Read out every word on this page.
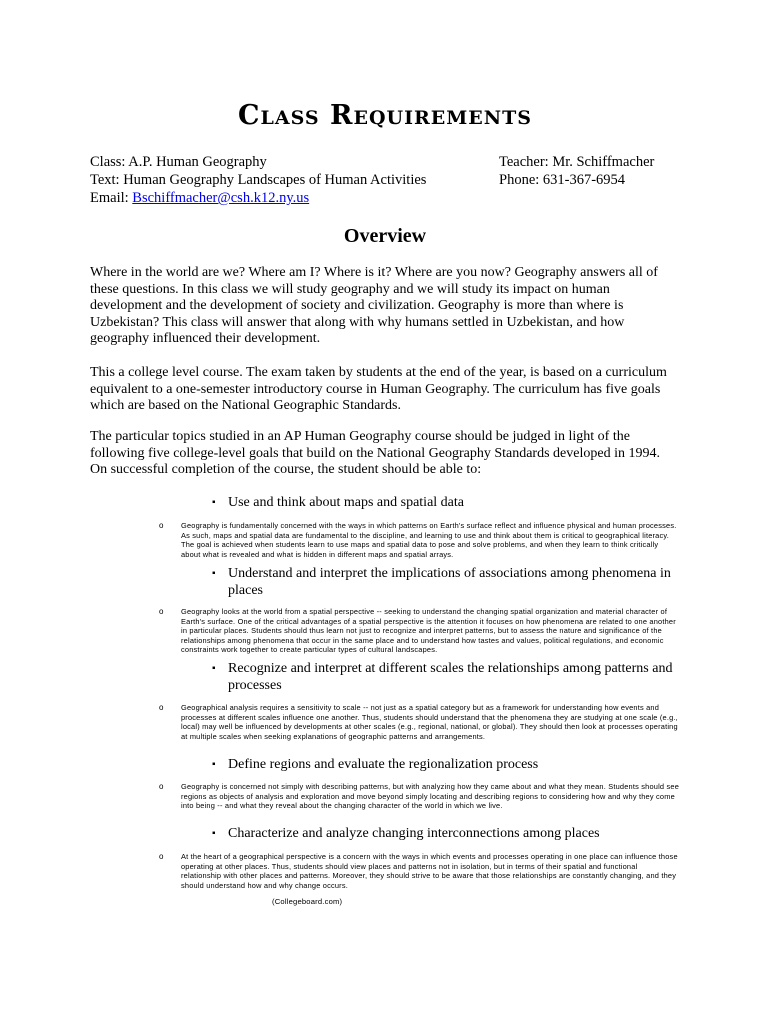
Class Requirements
Class: A.P. Human Geography
Text: Human Geography Landscapes of Human Activities
Email: Bschiffmacher@csh.k12.ny.us
Teacher: Mr. Schiffmacher
Phone: 631-367-6954
Overview
Where in the world are we? Where am I? Where is it? Where are you now? Geography answers all of these questions. In this class we will study geography and we will study its impact on human development and the development of society and civilization. Geography is more than where is Uzbekistan? This class will answer that along with why humans settled in Uzbekistan, and how geography influenced their development.
This a college level course. The exam taken by students at the end of the year, is based on a curriculum equivalent to a one-semester introductory course in Human Geography. The curriculum has five goals which are based on the National Geographic Standards.
The particular topics studied in an AP Human Geography course should be judged in light of the following five college-level goals that build on the National Geography Standards developed in 1994. On successful completion of the course, the student should be able to:
▪ Use and think about maps and spatial data
o Geography is fundamentally concerned with the ways in which patterns on Earth's surface reflect and influence physical and human processes. As such, maps and spatial data are fundamental to the discipline, and learning to use and think about them is critical to geographical literacy. The goal is achieved when students learn to use maps and spatial data to pose and solve problems, and when they learn to think critically about what is revealed and what is hidden in different maps and spatial arrays.
▪ Understand and interpret the implications of associations among phenomena in places
o Geography looks at the world from a spatial perspective -- seeking to understand the changing spatial organization and material character of Earth's surface. One of the critical advantages of a spatial perspective is the attention it focuses on how phenomena are related to one another in particular places. Students should thus learn not just to recognize and interpret patterns, but to assess the nature and significance of the relationships among phenomena that occur in the same place and to understand how tastes and values, political regulations, and economic constraints work together to create particular types of cultural landscapes.
▪ Recognize and interpret at different scales the relationships among patterns and processes
o Geographical analysis requires a sensitivity to scale -- not just as a spatial category but as a framework for understanding how events and processes at different scales influence one another. Thus, students should understand that the phenomena they are studying at one scale (e.g., local) may well be influenced by developments at other scales (e.g., regional, national, or global). They should then look at processes operating at multiple scales when seeking explanations of geographic patterns and arrangements.
▪ Define regions and evaluate the regionalization process
o Geography is concerned not simply with describing patterns, but with analyzing how they came about and what they mean. Students should see regions as objects of analysis and exploration and move beyond simply locating and describing regions to considering how and why they come into being -- and what they reveal about the changing character of the world in which we live.
▪ Characterize and analyze changing interconnections among places
o At the heart of a geographical perspective is a concern with the ways in which events and processes operating in one place can influence those operating at other places. Thus, students should view places and patterns not in isolation, but in terms of their spatial and functional relationship with other places and patterns. Moreover, they should strive to be aware that those relationships are constantly changing, and they should understand how and why change occurs.
(Collegeboard.com)
